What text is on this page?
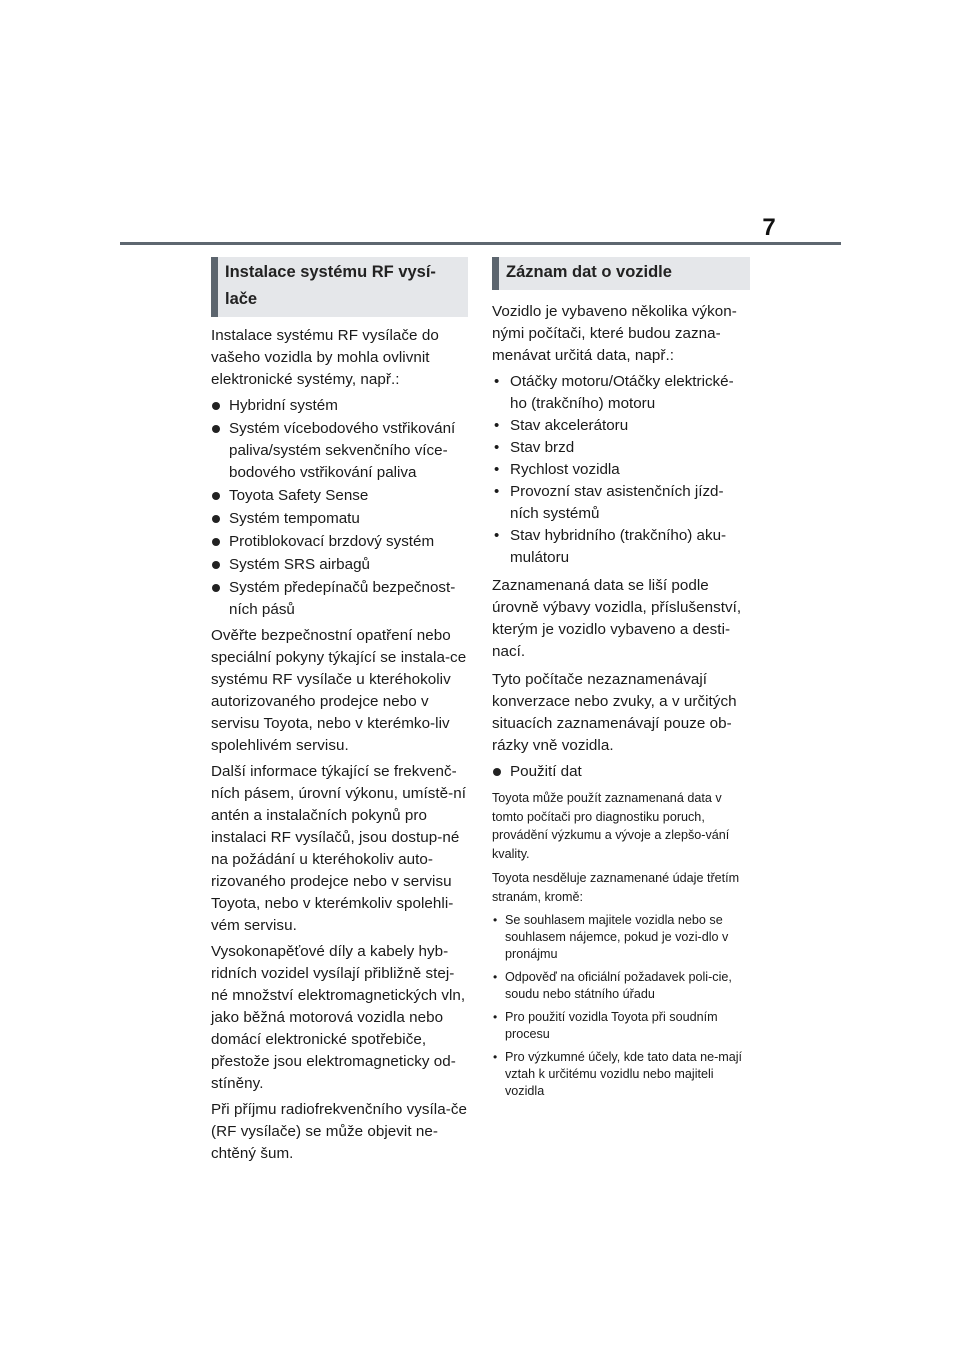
7
Instalace systému RF vysí-
lače

Instalace systému RF vysílače do vašeho vozidla by mohla ovlivnit elektronické systémy, např.:

Hybridní systém
Systém vícebodového vstřikování paliva/systém sekvenčního více-bodového vstřikování paliva
Toyota Safety Sense
Systém tempomatu
Protiblokovací brzdový systém
Systém SRS airbagů
Systém předepínačů bezpečnost-ních pásů

Ověřte bezpečnostní opatření nebo speciální pokyny týkající se instala-ce systému RF vysílače u kteréhokoliv autorizovaného prodejce nebo v servisu Toyota, nebo v kterémko-liv spolehlivém servisu.

Další informace týkající se frekvenč-ních pásem, úrovní výkonu, umístě-ní antén a instalačních pokynů pro instalaci RF vysílačů, jsou dostup-né na požádání u kteréhokoliv auto-rizovaného prodejce nebo v servisu Toyota, nebo v kterémkoliv spolehli-vém servisu.

Vysokonapěťové díly a kabely hyb-ridních vozidel vysílají přibližně stej-né množství elektromagnetických vln, jako běžná motorová vozidla nebo domácí elektronické spotřebiče, přestože jsou elektromagneticky od-stíněny.

Při příjmu radiofrekvenčního vysíla-če (RF vysílače) se může objevit ne-chtěný šum.

Záznam dat o vozidle

Vozidlo je vybaveno několika výkon-nými počítači, které budou zazna-menávat určitá data, např.:

• Otáčky motoru/Otáčky elektrické-ho (trakčního) motoru
• Stav akcelerátoru
• Stav brzd
• Rychlost vozidla
• Provozní stav asistenčních jízd-ních systémů
• Stav hybridního (trakčního) aku-mulátoru

Zaznamenaná data se liší podle úrovně výbavy vozidla, příslušenství, kterým je vozidlo vybaveno a desti-nací.

Tyto počítače nezaznamenávají konverzace nebo zvuky, a v určitých situacích zaznamenávají pouze ob-rázky vně vozidla.

Použití dat

Toyota může použít zaznamenaná data v tomto počítači pro diagnostiku poruch, provádění výzkumu a vývoje a zlepšo-vání kvality.

Toyota nesděluje zaznamenané údaje třetím stranám, kromě:

• Se souhlasem majitele vozidla nebo se souhlasem nájemce, pokud je vozi-dlo v pronájmu
• Odpověď na oficiální požadavek poli-cie, soudu nebo státního úřadu
• Pro použití vozidla Toyota při soudním procesu
• Pro výzkumné účely, kde tato data ne-mají vztah k určitému vozidlu nebo majiteli vozidla
